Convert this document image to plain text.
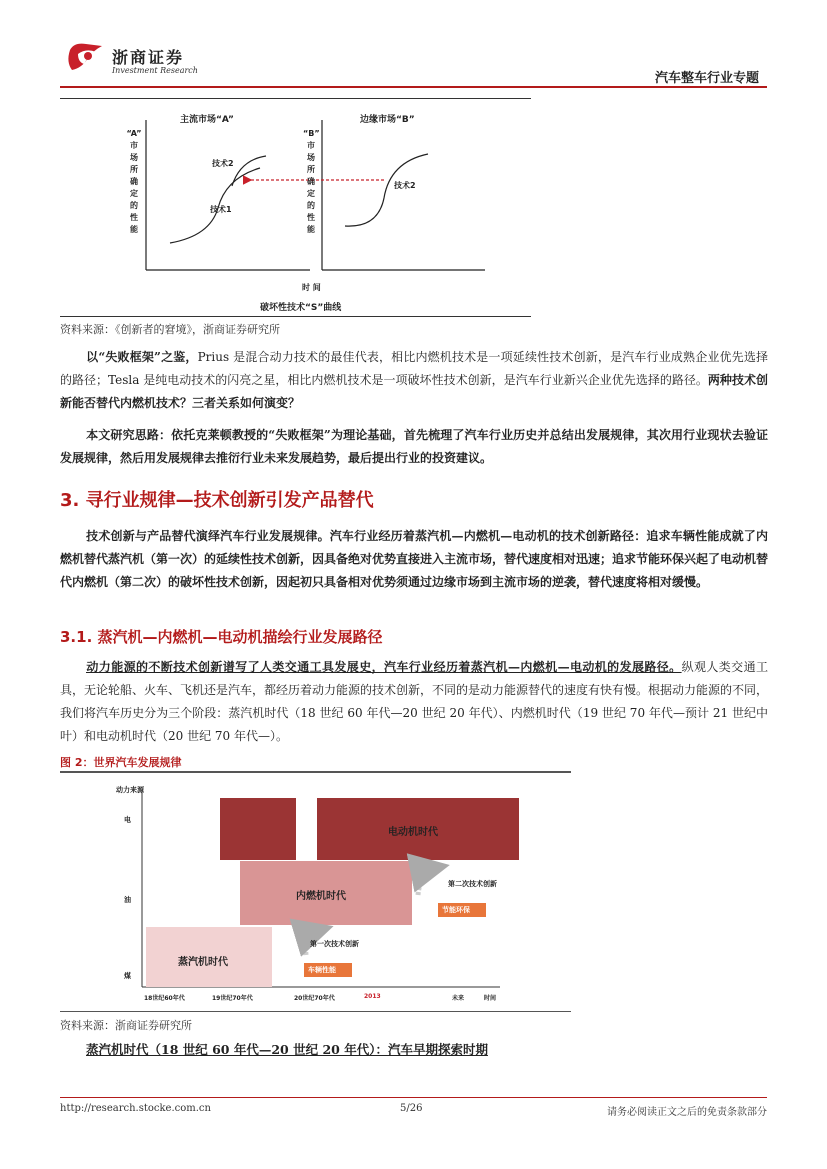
浙商证券
Investment Research
汽车整车行业专题
主流市场“A”	边缘市场“B”
“A”
市
场
所
确
定
的
性
能
“B”
市
场
所
确
定
的
性
能
技术2
技术1
技术2
时 间
破坏性技术“S”曲线
资料来源：《创新者的窘境》，浙商证券研究所
以“失败框架”之鉴，Prius 是混合动力技术的最佳代表，相比内燃机技术是一项延续性技术创新，是汽车行业成熟企业优先选择的路径；Tesla 是纯电动技术的闪亮之星，相比内燃机技术是一项破坏性技术创新，是汽车行业新兴企业优先选择的路径。两种技术创新能否替代内燃机技术？三者关系如何演变？
本文研究思路：依托克莱顿教授的“失败框架”为理论基础，首先梳理了汽车行业历史并总结出发展规律，其次用行业现状去验证发展规律，然后用发展规律去推衍行业未来发展趋势，最后提出行业的投资建议。
3. 寻行业规律—技术创新引发产品替代
技术创新与产品替代演绎汽车行业发展规律。汽车行业经历着蒸汽机—内燃机—电动机的技术创新路径：追求车辆性能成就了内燃机替代蒸汽机（第一次）的延续性技术创新，因具备绝对优势直接进入主流市场，替代速度相对迅速；追求节能环保兴起了电动机替代内燃机（第二次）的破坏性技术创新，因起初只具备相对优势须通过边缘市场到主流市场的逆袭，替代速度将相对缓慢。
3.1. 蒸汽机—内燃机—电动机描绘行业发展路径
动力能源的不断技术创新谱写了人类交通工具发展史，汽车行业经历着蒸汽机—内燃机—电动机的发展路径。纵观人类交通工具，无论轮船、火车、飞机还是汽车，都经历着动力能源的技术创新，不同的是动力能源替代的速度有快有慢。根据动力能源的不同，我们将汽车历史分为三个阶段：蒸汽机时代（18 世纪 60 年代—20 世纪 20 年代）、内燃机时代（19 世纪 70 年代—预计 21 世纪中叶）和电动机时代（20 世纪 70 年代—）。
图 2：世界汽车发展规律
动力来源
电
油
煤
电动机时代
内燃机时代
蒸汽机时代
第一次技术创新
第二次技术创新
车辆性能
节能环保
18世纪60年代	19世纪70年代	20世纪70年代	2013	未来	时间
资料来源：浙商证券研究所
蒸汽机时代（18 世纪 60 年代—20 世纪 20 年代）：汽车早期探索时期
http://research.stocke.com.cn	5/26	请务必阅读正文之后的免责条款部分
